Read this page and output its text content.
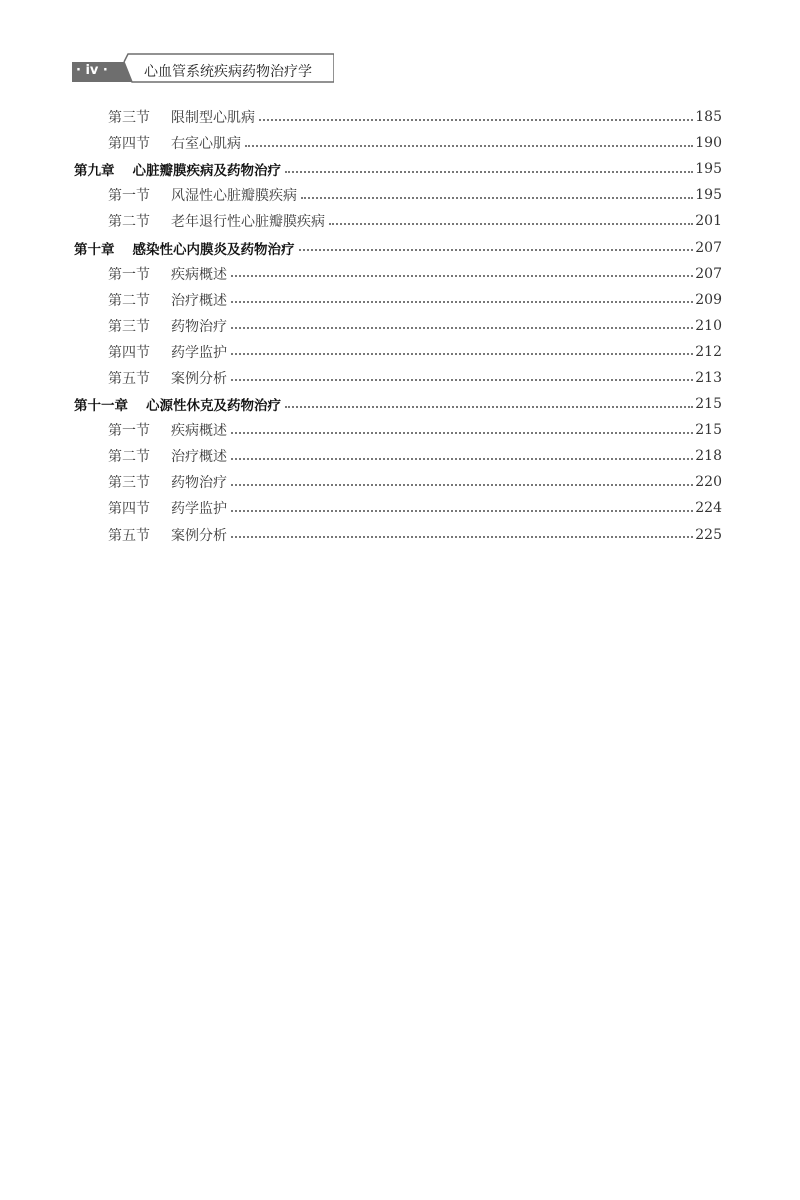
· iv ·	心血管系统疾病药物治疗学
第三节	限制型心肌病	185
第四节	右室心肌病	190
第九章 心脏瓣膜疾病及药物治疗	195
第一节	风湿性心脏瓣膜疾病	195
第二节	老年退行性心脏瓣膜疾病	201
第十章 感染性心内膜炎及药物治疗	207
第一节	疾病概述	207
第二节	治疗概述	209
第三节	药物治疗	210
第四节	药学监护	212
第五节	案例分析	213
第十一章 心源性休克及药物治疗	215
第一节	疾病概述	215
第二节	治疗概述	218
第三节	药物治疗	220
第四节	药学监护	224
第五节	案例分析	225
